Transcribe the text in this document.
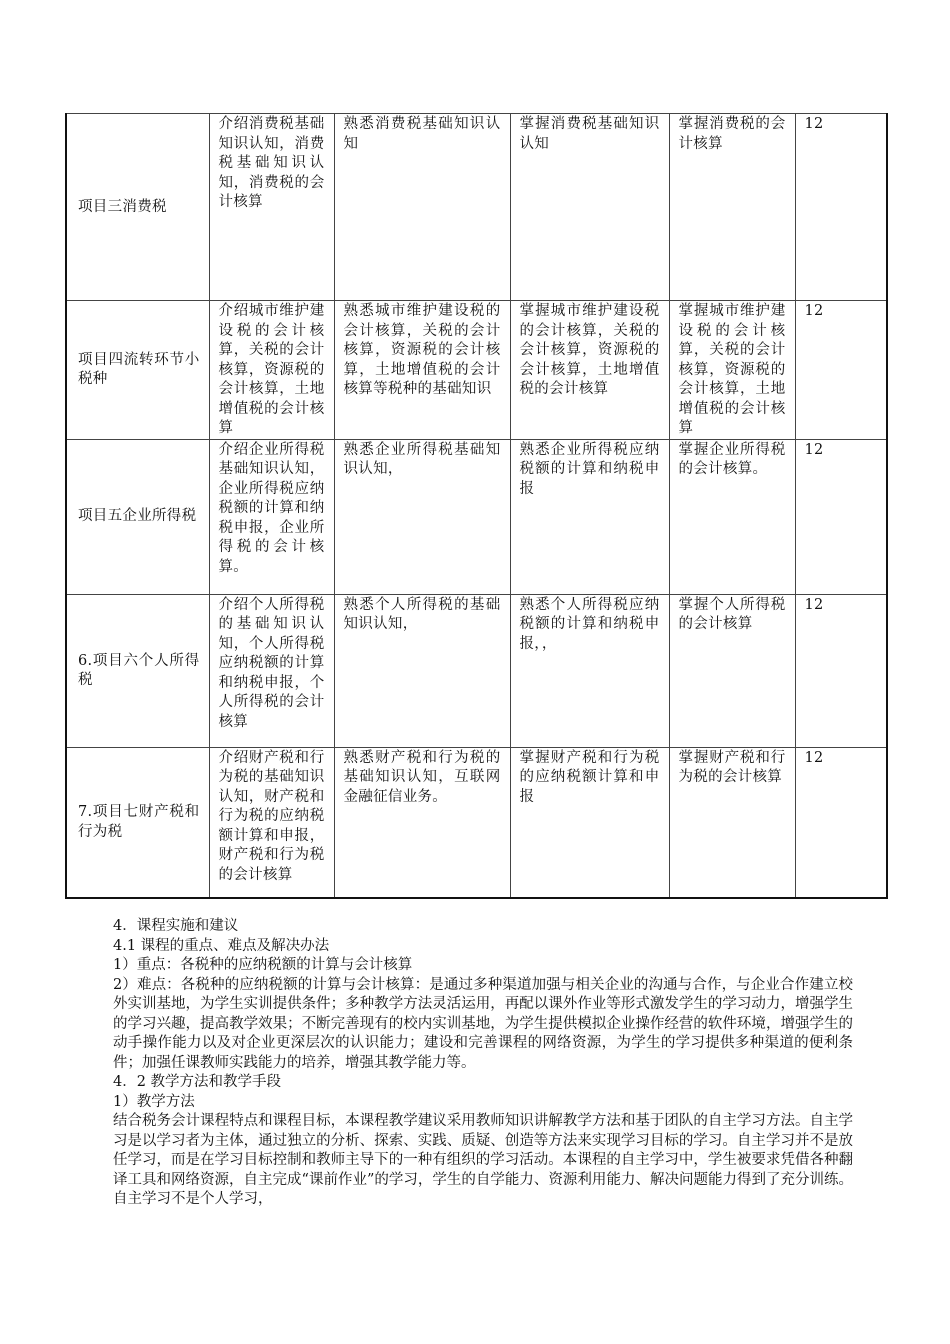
项目三消费税	介绍消费税基础知识认知，消费税基础知识认知，消费税的会计核算	熟悉消费税基础知识认知	掌握消费税基础知识认知	掌握消费税的会计核算	12
项目四流转环节小税种	介绍城市维护建设税的会计核算，关税的会计核算，资源税的会计核算，土地增值税的会计核算	熟悉城市维护建设税的会计核算，关税的会计核算，资源税的会计核算，土地增值税的会计核算等税种的基础知识	掌握城市维护建设税的会计核算，关税的会计核算，资源税的会计核算，土地增值税的会计核算	掌握城市维护建设税的会计核算，关税的会计核算，资源税的会计核算，土地增值税的会计核算	12
项目五企业所得税	介绍企业所得税基础知识认知，企业所得税应纳税额的计算和纳税申报，企业所得税的会计核算。	熟悉企业所得税基础知识认知，	熟悉企业所得税应纳税额的计算和纳税申报	掌握企业所得税的会计核算。	12
6.项目六个人所得税	介绍个人所得税的基础知识认知，个人所得税应纳税额的计算和纳税申报，个人所得税的会计核算	熟悉个人所得税的基础知识认知，	熟悉个人所得税应纳税额的计算和纳税申报，，	掌握个人所得税的会计核算	12
7.项目七财产税和行为税	介绍财产税和行为税的基础知识认知，财产税和行为税的应纳税额计算和申报，财产税和行为税的会计核算	熟悉财产税和行为税的基础知识认知，互联网金融征信业务。	掌握财产税和行为税的应纳税额计算和申报	掌握财产税和行为税的会计核算	12

4．课程实施和建议

4.1 课程的重点、难点及解决办法

1）重点：各税种的应纳税额的计算与会计核算

2）难点：各税种的应纳税额的计算与会计核算：是通过多种渠道加强与相关企业的沟通与合作，与企业合作建立校外实训基地，为学生实训提供条件；多种教学方法灵活运用，再配以课外作业等形式激发学生的学习动力，增强学生的学习兴趣，提高教学效果；不断完善现有的校内实训基地，为学生提供模拟企业操作经营的软件环境，增强学生的动手操作能力以及对企业更深层次的认识能力；建设和完善课程的网络资源，为学生的学习提供多种渠道的便利条件；加强任课教师实践能力的培养，增强其教学能力等。

4．2 教学方法和教学手段

1）教学方法

结合税务会计课程特点和课程目标，本课程教学建议采用教师知识讲解教学方法和基于团队的自主学习方法。自主学习是以学习者为主体，通过独立的分析、探索、实践、质疑、创造等方法来实现学习目标的学习。自主学习并不是放任学习，而是在学习目标控制和教师主导下的一种有组织的学习活动。本课程的自主学习中，学生被要求凭借各种翻译工具和网络资源，自主完成“课前作业”的学习，学生的自学能力、资源利用能力、解决问题能力得到了充分训练。自主学习不是个人学习，
